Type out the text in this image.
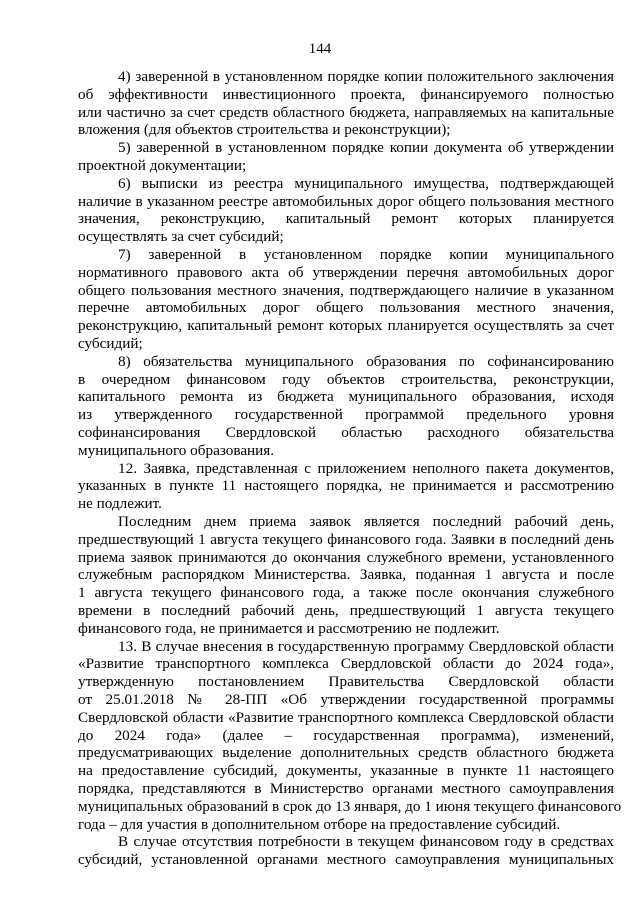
144
4) заверенной в установленном порядке копии положительного заключения
об эффективности инвестиционного проекта, финансируемого полностью
или частично за счет средств областного бюджета, направляемых на капитальные
вложения (для объектов строительства и реконструкции);
5) заверенной в установленном порядке копии документа об утверждении
проектной документации;
6) выписки из реестра муниципального имущества, подтверждающей
наличие в указанном реестре автомобильных дорог общего пользования местного
значения, реконструкцию, капитальный ремонт которых планируется
осуществлять за счет субсидий;
7) заверенной в установленном порядке копии муниципального
нормативного правового акта об утверждении перечня автомобильных дорог
общего пользования местного значения, подтверждающего наличие в указанном
перечне автомобильных дорог общего пользования местного значения,
реконструкцию, капитальный ремонт которых планируется осуществлять за счет
субсидий;
8) обязательства муниципального образования по софинансированию
в очередном финансовом году объектов строительства, реконструкции,
капитального ремонта из бюджета муниципального образования, исходя
из утвержденного государственной программой предельного уровня
софинансирования Свердловской областью расходного обязательства
муниципального образования.
12. Заявка, представленная с приложением неполного пакета документов,
указанных в пункте 11 настоящего порядка, не принимается и рассмотрению
не подлежит.
Последним днем приема заявок является последний рабочий день,
предшествующий 1 августа текущего финансового года. Заявки в последний день
приема заявок принимаются до окончания служебного времени, установленного
служебным распорядком Министерства. Заявка, поданная 1 августа и после
1 августа текущего финансового года, а также после окончания служебного
времени в последний рабочий день, предшествующий 1 августа текущего
финансового года, не принимается и рассмотрению не подлежит.
13. В случае внесения в государственную программу Свердловской области
«Развитие транспортного комплекса Свердловской области до 2024 года»,
утвержденную постановлением Правительства Свердловской области
от 25.01.2018 № 28-ПП «Об утверждении государственной программы
Свердловской области «Развитие транспортного комплекса Свердловской области
до 2024 года» (далее – государственная программа), изменений,
предусматривающих выделение дополнительных средств областного бюджета
на предоставление субсидий, документы, указанные в пункте 11 настоящего
порядка, представляются в Министерство органами местного самоуправления
муниципальных образований в срок до 13 января, до 1 июня текущего финансового
года – для участия в дополнительном отборе на предоставление субсидий.
В случае отсутствия потребности в текущем финансовом году в средствах
субсидий, установленной органами местного самоуправления муниципальных
